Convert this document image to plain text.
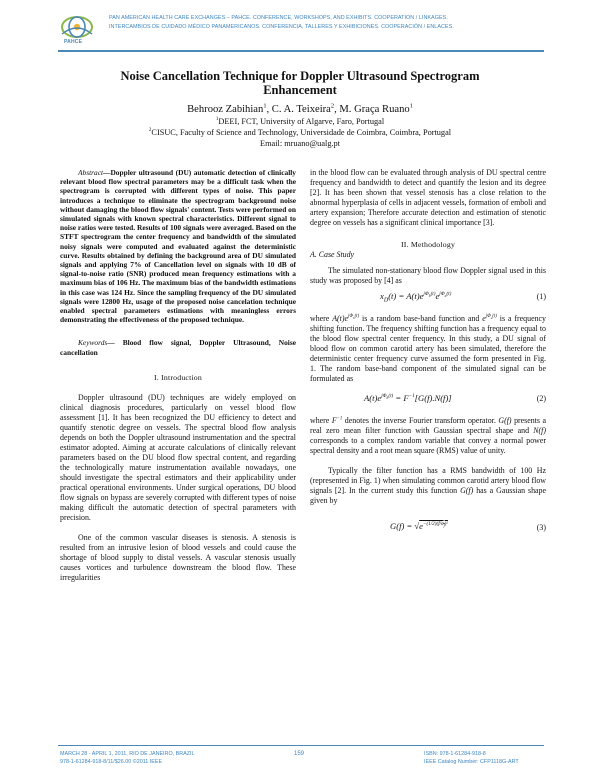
PAHCE
PAN AMERICAN HEALTH CARE EXCHANGES – PAHCE. CONFERENCE, WORKSHOPS, AND EXHIBITS. COOPERATION / LINKAGES.
INTERCAMBIOS DE CUIDADO MÉDICO PANAMERICANOS. CONFERENCIA, TALLERES Y EXHIBICIONES. COOPERACIÓN / ENLACES.
Noise Cancellation Technique for Doppler Ultrasound Spectrogram
Enhancement
Behrooz Zabihian$^1$, C. A. Teixeira$^2$, M. Graça Ruano$^1$
$^1$DEEI, FCT, University of Algarve, Faro, Portugal
$^2$CISUC, Faculty of Science and Technology, Universidade de Coimbra, Coimbra, Portugal
Email: mruano@ualg.pt

Abstract—Doppler ultrasound (DU) automatic detection of clinically relevant blood flow spectral parameters may be a difficult task when the spectrogram is corrupted with different types of noise. This paper introduces a technique to eliminate the spectrogram background noise without damaging the blood flow signals' content. Tests were performed on simulated signals with known spectral characteristics. Different signal to noise ratios were tested. Results of 100 signals were averaged. Based on the STFT spectrogram the center frequency and bandwidth of the simulated noisy signals were computed and evaluated against the deterministic curve. Results obtained by defining the background area of DU simulated signals and applying 7% of Cancellation level on signals with 10 dB of signal-to-noise ratio (SNR) produced mean frequency estimations with a maximum bias of 106 Hz. The maximum bias of the bandwidth estimations in this case was 124 Hz. Since the sampling frequency of the DU simulated signals were 12800 Hz, usage of the proposed noise cancelation technique enabled spectral parameters estimations with meaningless errors demonstrating the effectiveness of the proposed technique.

Keywords— Blood flow signal, Doppler Ultrasound, Noise cancellation

I. Introduction

Doppler ultrasound (DU) techniques are widely employed on clinical diagnosis procedures, particularly on vessel blood flow assessment [1]. It has been recognized the DU efficiency to detect and quantify stenotic degree on vessels. The spectral blood flow analysis depends on both the Doppler ultrasound instrumentation and the spectral estimator adopted. Aiming at accurate calculations of clinically relevant parameters based on the DU blood flow spectral content, and regarding the technologically mature instrumentation available nowadays, one should investigate the spectral estimators and their applicability under practical operational environments. Under surgical operations, DU blood flow signals on bypass are severely corrupted with different types of noise making difficult the automatic detection of spectral parameters with precision.

One of the common vascular diseases is stenosis. A stenosis is resulted from an intrusive lesion of blood vessels and could cause the shortage of blood supply to distal vessels. A vascular stenosis usually causes vortices and turbulence downstream the blood flow. These irregularities

in the blood flow can be evaluated through analysis of DU spectral centre frequency and bandwidth to detect and quantify the lesion and its degree [2]. It has been shown that vessel stenosis has a close relation to the abnormal hyperplasia of cells in adjacent vessels, formation of emboli and artery expansion; Therefore accurate detection and estimation of stenotic degree on vessels has a significant clinical importance [3].

II. Methodology

A. Case Study

The simulated non-stationary blood flow Doppler signal used in this study was proposed by [4] as

$x_D(t) = A(t)e^{j\Phi_b(t)}e^{j\Phi_a(t)}$	(1)

where $A(t)e^{j\Phi_b(t)}$ is a random base-band function and $e^{j\Phi_a(t)}$ is a frequency shifting function. The frequency shifting function has a frequency equal to the blood flow spectral center frequency. In this study, a DU signal of blood flow on common carotid artery has been simulated, therefore the deterministic center frequency curve assumed the form presented in Fig. 1. The random base-band component of the simulated signal can be formulated as

$A(t)e^{j\Phi_b(t)} = F^{-1}[G(f).N(f)]$	(2)

where $F^{-1}$ denotes the inverse Fourier transform operator. G(f) presents a real zero mean filter function with Gaussian spectral shape and N(f) corresponds to a complex random variable that convey a normal power spectral density and a root mean square (RMS) value of unity.

Typically the filter function has a RMS bandwidth of 100 Hz (represented in Fig. 1) when simulating common carotid artery blood flow signals [2]. In the current study this function G(f) has a Gaussian shape given by

$G(f) = √e^{-(1/2)(f/\sigma_f)^2}$	(3)
MARCH 28 - APRIL 1, 2011, RIO DE JANEIRO, BRAZIL
978-1-61284-918-8/11/$26.00 ©2011 IEEE
159	ISBN: 978-1-61284-918-8
IEEE Catalog Number: CFP1118G-ART
